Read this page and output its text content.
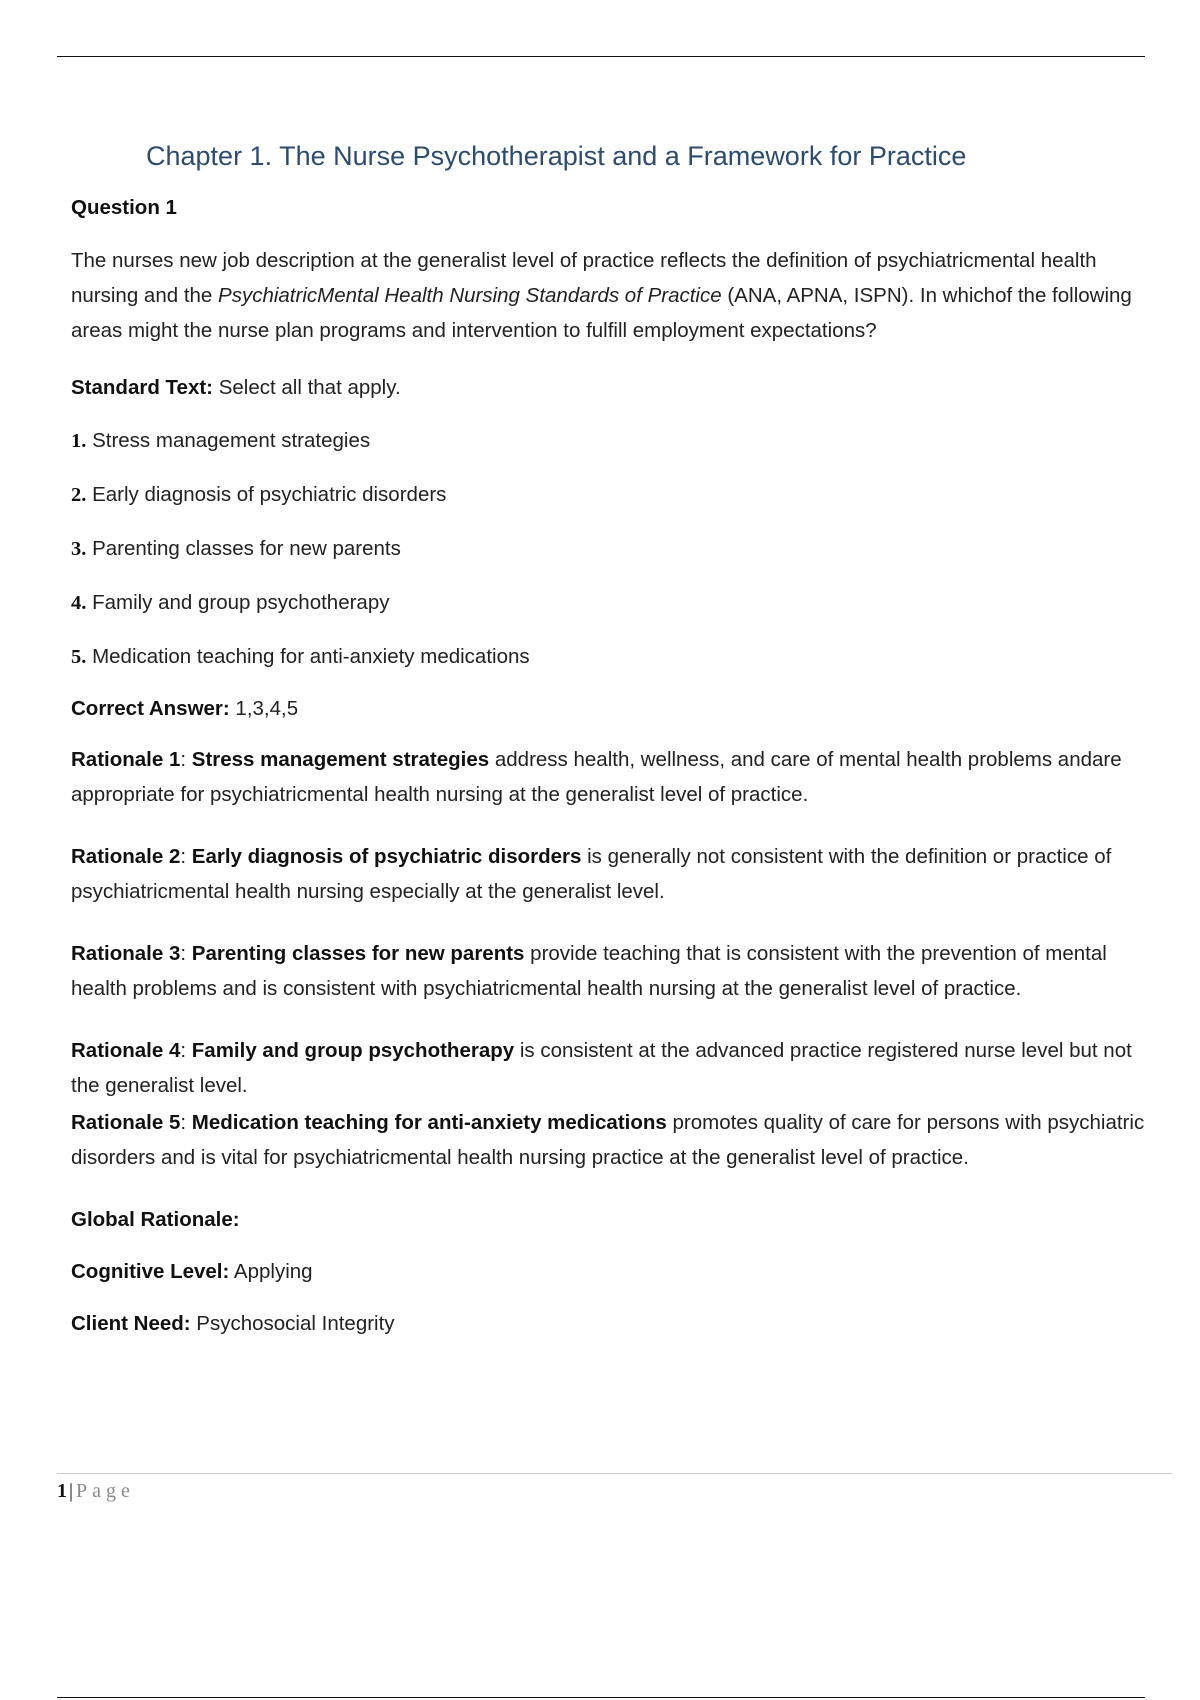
Chapter 1. The Nurse Psychotherapist and a Framework for Practice

Question 1

The nurses new job description at the generalist level of practice reflects the definition of psychiatricmental health nursing and the PsychiatricMental Health Nursing Standards of Practice (ANA, APNA, ISPN). In whichof the following areas might the nurse plan programs and intervention to fulfill employment expectations?

Standard Text: Select all that apply.

1. Stress management strategies

2. Early diagnosis of psychiatric disorders

3. Parenting classes for new parents

4. Family and group psychotherapy

5. Medication teaching for anti-anxiety medications

Correct Answer: 1,3,4,5

Rationale 1: Stress management strategies address health, wellness, and care of mental health problems andare appropriate for psychiatricmental health nursing at the generalist level of practice.

Rationale 2: Early diagnosis of psychiatric disorders is generally not consistent with the definition or practice of psychiatricmental health nursing especially at the generalist level.

Rationale 3: Parenting classes for new parents provide teaching that is consistent with the prevention of mental health problems and is consistent with psychiatricmental health nursing at the generalist level of practice.

Rationale 4: Family and group psychotherapy is consistent at the advanced practice registered nurse level but not the generalist level.

Rationale 5: Medication teaching for anti-anxiety medications promotes quality of care for persons with psychiatric disorders and is vital for psychiatricmental health nursing practice at the generalist level of practice.

Global Rationale:

Cognitive Level: Applying

Client Need: Psychosocial Integrity

1 | Page
